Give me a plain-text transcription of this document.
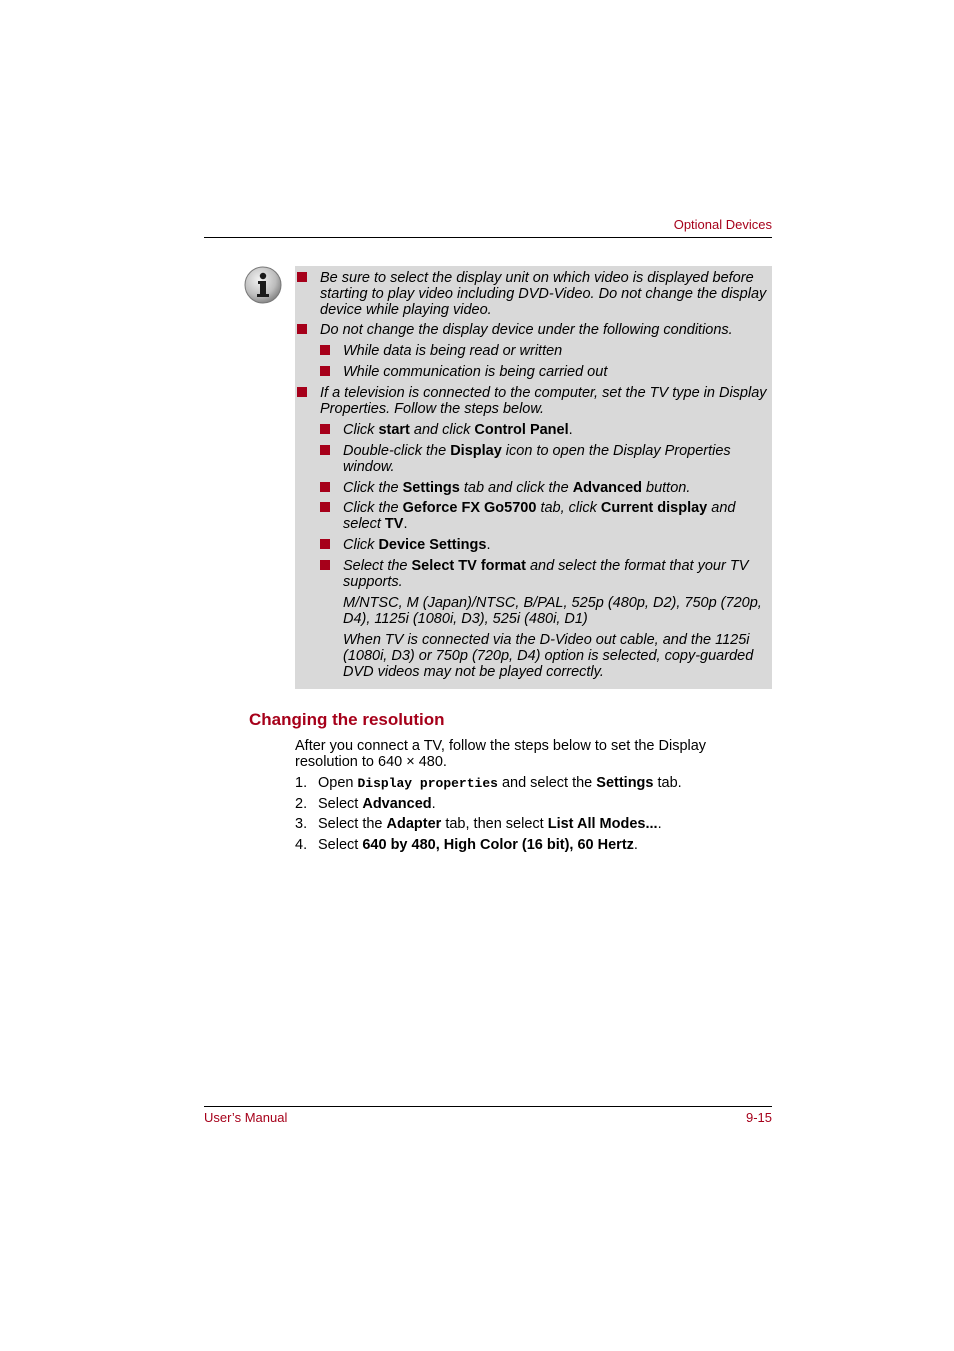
Optional Devices
Be sure to select the display unit on which video is displayed before starting to play video including DVD-Video. Do not change the display device while playing video.
Do not change the display device under the following conditions.
While data is being read or written
While communication is being carried out
If a television is connected to the computer, set the TV type in Display Properties. Follow the steps below.
Click start and click Control Panel.
Double-click the Display icon to open the Display Properties window.
Click the Settings tab and click the Advanced button.
Click the Geforce FX Go5700 tab, click Current display and select TV.
Click Device Settings.
Select the Select TV format and select the format that your TV supports.
M/NTSC, M (Japan)/NTSC, B/PAL, 525p (480p, D2), 750p (720p, D4), 1125i (1080i, D3), 525i (480i, D1)
When TV is connected via the D-Video out cable, and the 1125i (1080i, D3) or 750p (720p, D4) option is selected, copy-guarded DVD videos may not be played correctly.
Changing the resolution
After you connect a TV, follow the steps below to set the Display resolution to 640 × 480.
1. Open Display properties and select the Settings tab.
2. Select Advanced.
3. Select the Adapter tab, then select List All Modes....
4. Select 640 by 480, High Color (16 bit), 60 Hertz.
User’s Manual	9-15
